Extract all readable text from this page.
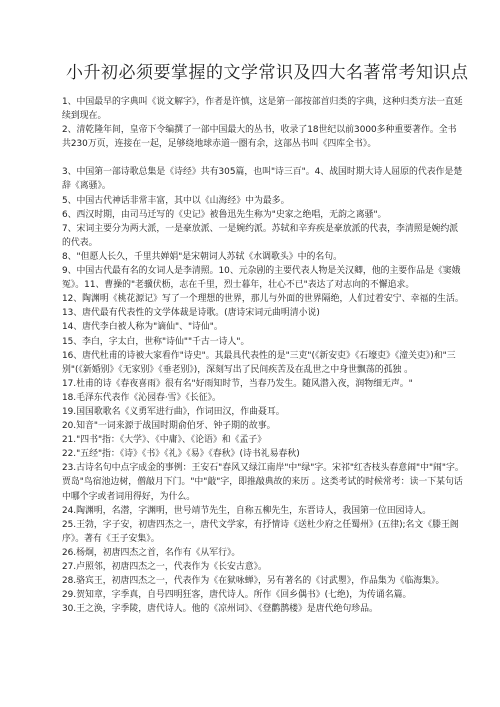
小升初必须要掌握的文学常识及四大名著常考知识点

1、中国最早的字典叫《说文解字》，作者是许慎，这是第一部按部首归类的字典，这种归类方法一直延续到现在。

2、清乾隆年间，皇帝下令编撰了一部中国最大的丛书，收录了18世纪以前3000多种重要著作。全书共230万页，连接在一起，足够绕地球赤道一圈有余，这部丛书叫《四库全书》。

3、中国第一部诗歌总集是《诗经》共有305篇，也叫"诗三百"。4、战国时期大诗人屈原的代表作是楚辞《离骚》。

5、中国古代神话非常丰富，其中以《山海经》中为最多。

6、西汉时期，由司马迁写的《史记》被鲁迅先生称为"史家之绝唱，无韵之离骚"。

7、宋词主要分为两大派，一是豪放派、一是婉约派。苏轼和辛弃疾是豪放派的代表，李清照是婉约派的代表。

8、"但愿人长久，千里共婵娟"是宋朝词人苏轼《水调歌头》中的名句。

9、中国古代最有名的女词人是李清照。10、元杂剧的主要代表人物是关汉卿，他的主要作品是《窦娥冤》。11、曹操的"老骥伏枥，志在千里，烈士暮年，壮心不已"表达了对志向的不懈追求。

12、陶渊明《桃花源记》写了一个理想的世界，那儿与外面的世界隔绝，人们过着安宁、幸福的生活。13、唐代最有代表性的文学体裁是诗歌。(唐诗宋词元曲明清小说)

14、唐代李白被人称为"谪仙"、"诗仙"。

15、李白，字太白，世称"诗仙""千古一诗人"。

16、唐代杜甫的诗被大家看作"诗史"。其最具代表性的是"三吏"(《新安吏》《石壕吏》《潼关吏》)和"三别"(《新婚别》《无家别》《垂老别》)，深刻写出了民间疾苦及在乱世之中身世飘荡的孤独 。

17.杜甫的诗《春夜喜雨》很有名"好雨知时节，当春乃发生。随风潜入夜，润物细无声。"

18.毛泽东代表作《沁园春·雪》《长征》。

19.国国歌歌名《义勇军进行曲》，作词田汉，作曲聂耳。

20.知音"一词来源于战国时期俞伯牙、钟子期的故事。

21."四书"指：《大学》、《中庸》、《论语》和《孟子》

22."五经"指：《诗》《书》《礼》《易》《春秋》(诗书礼易春秋)

23.古诗名句中点字成金的事例：王安石"春风又绿江南岸"中"绿"字。宋祁"红杏枝头春意闹"中"闹"字。贾岛"鸟宿池边树，僧敲月下门。"中"敲"字，即推敲典故的来历 。这类考试的时候常考：读一下某句话中哪个字或者词用得好，为什么。

24.陶渊明，名潜，字渊明，世号靖节先生，自称五柳先生，东晋诗人，我国第一位田园诗人。

25.王勃，字子安，初唐四杰之一，唐代文学家，有抒情诗《送杜少府之任蜀州》(五律);名文《滕王阁序》。著有《王子安集》。

26.杨炯，初唐四杰之首，名作有《从军行》。

27.卢照邻，初唐四杰之一，代表作为《长安古意》。

28.骆宾王，初唐四杰之一，代表作为《在狱咏蝉》，另有著名的《讨武瞾》，作品集为《临海集》。

29.贺知章，字季真，自号四明狂客，唐代诗人。所作《回乡偶书》(七绝)，为传诵名篇。

30.王之涣，字季陵，唐代诗人。他的《凉州词》、《登鹳鹊楼》是唐代绝句珍品。
